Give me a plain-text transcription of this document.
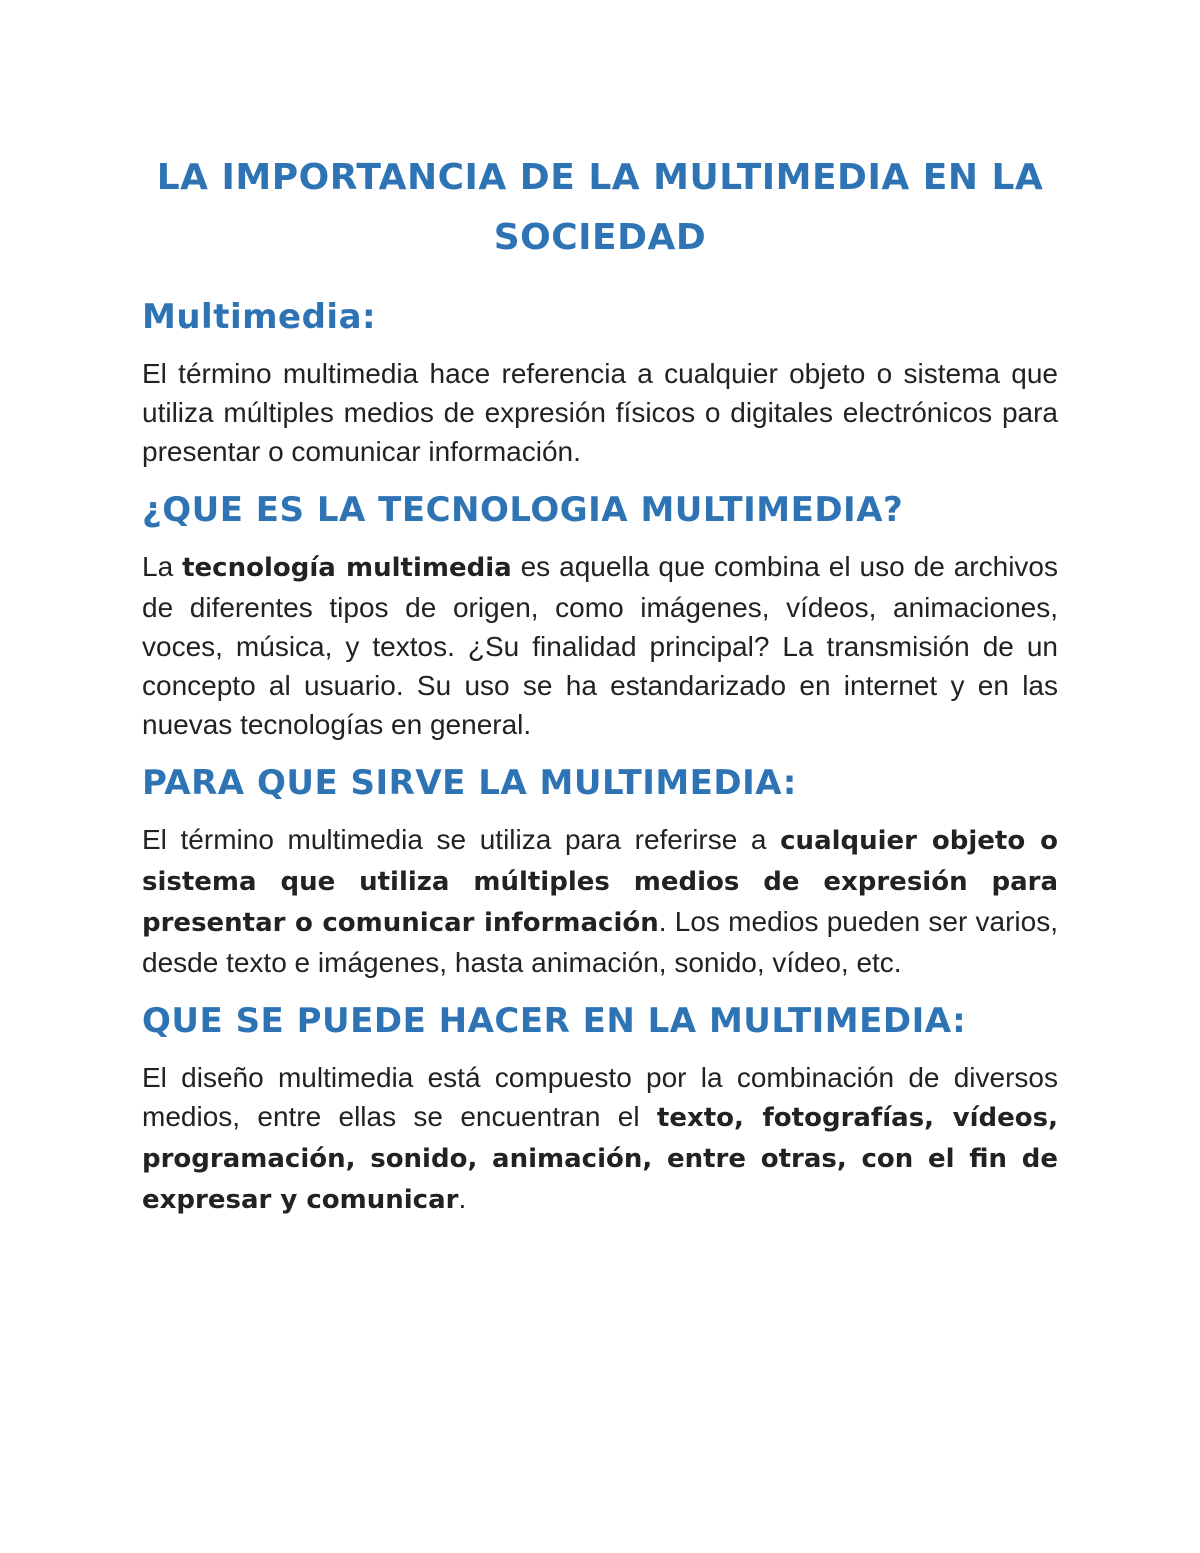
LA IMPORTANCIA DE LA MULTIMEDIA EN LA SOCIEDAD
Multimedia:

El término multimedia hace referencia a cualquier objeto o sistema que utiliza múltiples medios de expresión físicos o digitales electrónicos para presentar o comunicar información.

¿QUE ES LA TECNOLOGIA MULTIMEDIA?

La tecnología multimedia es aquella que combina el uso de archivos de diferentes tipos de origen, como imágenes, vídeos, animaciones, voces, música, y textos. ¿Su finalidad principal? La transmisión de un concepto al usuario. Su uso se ha estandarizado en internet y en las nuevas tecnologías en general.

PARA QUE SIRVE LA MULTIMEDIA:

El término multimedia se utiliza para referirse a cualquier objeto o sistema que utiliza múltiples medios de expresión para presentar o comunicar información. Los medios pueden ser varios, desde texto e imágenes, hasta animación, sonido, vídeo, etc.

QUE SE PUEDE HACER EN LA MULTIMEDIA:

El diseño multimedia está compuesto por la combinación de diversos medios, entre ellas se encuentran el texto, fotografías, vídeos, programación, sonido, animación, entre otras, con el fin de expresar y comunicar.
